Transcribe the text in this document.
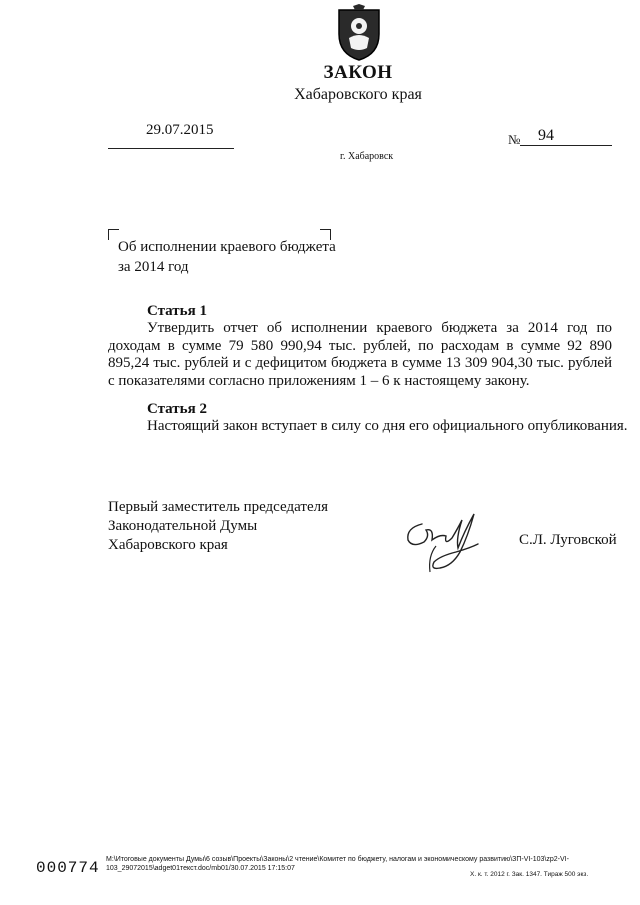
ЗАКОН
Хабаровского края
29.07.2015
№ 94
г. Хабаровск
Об исполнении краевого бюджета
за 2014 год
Статья 1
Утвердить отчет об исполнении краевого бюджета за 2014 год по доходам в сумме 79 580 990,94 тыс. рублей, по расходам в сумме 92 890 895,24 тыс. рублей и с дефицитом бюджета в сумме 13 309 904,30 тыс. рублей с показателями согласно приложениям 1 – 6 к настоящему закону.
Статья 2
Настоящий закон вступает в силу со дня его официального опубликования.
Первый заместитель председателя
Законодательной Думы
Хабаровского края	С.Л. Луговской
000774 M:\Итоговые документы Думы\6 созыв\Проекты\Законы\2 чтение\Комитет по бюджету, налогам и экономическому развитию\ЗП-VI-103\zp2-VI-
103_29072015\adget01текст.doc/mb01/30.07.2015 17:15:07
Х. к. т. 2012 г. Зак. 1347. Тираж 500 экз.
